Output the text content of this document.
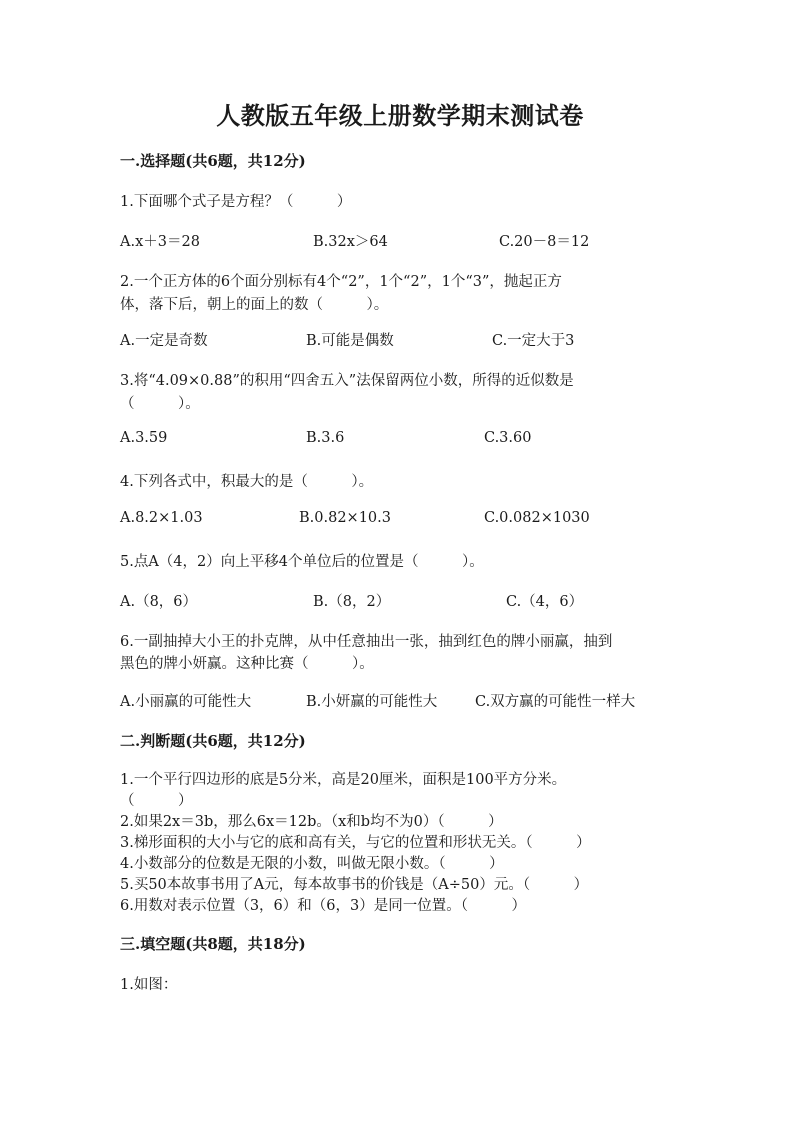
人教版五年级上册数学期末测试卷
一.选择题(共6题，共12分)
1.下面哪个式子是方程？（　　　）
A.x＋3＝28	B.32x＞64	C.20－8＝12
2.一个正方体的6个面分别标有4个“2”，1个“2”，1个“3”，抛起正方
体，落下后，朝上的面上的数（　　　）。
A.一定是奇数	B.可能是偶数	C.一定大于3
3.将“4.09×0.88”的积用“四舍五入”法保留两位小数，所得的近似数是
（　　　）。
A.3.59	B.3.6	C.3.60
4.下列各式中，积最大的是（　　　）。
A.8.2×1.03	B.0.82×10.3	C.0.082×1030
5.点A（4，2）向上平移4个单位后的位置是（　　　）。
A.（8，6）	B.（8，2）	C.（4，6）
6.一副抽掉大小王的扑克牌，从中任意抽出一张，抽到红色的牌小丽赢，抽到
黑色的牌小妍赢。这种比赛（　　　）。
A.小丽赢的可能性大	B.小妍赢的可能性大	C.双方赢的可能性一样大
二.判断题(共6题，共12分)
1.一个平行四边形的底是5分米，高是20厘米，面积是100平方分米。
（　　　）
2.如果2x＝3b，那么6x＝12b。（x和b均不为0）（　　　）
3.梯形面积的大小与它的底和高有关，与它的位置和形状无关。（　　　）
4.小数部分的位数是无限的小数，叫做无限小数。（　　　）
5.买50本故事书用了A元，每本故事书的价钱是（A÷50）元。（　　　）
6.用数对表示位置（3，6）和（6，3）是同一位置。（　　　）
三.填空题(共8题，共18分)
1.如图：
